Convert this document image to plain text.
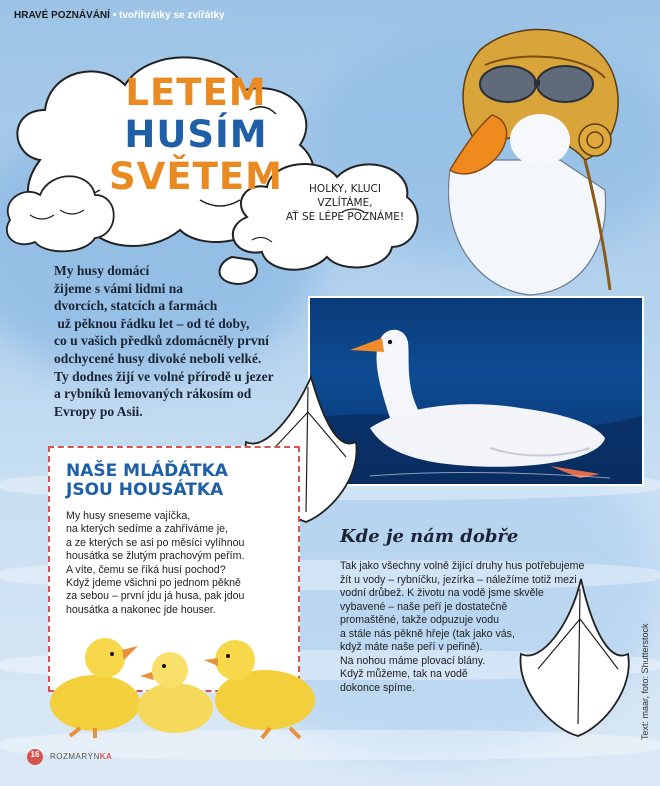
HRAVÉ POZNÁVÁNÍ • tvořihrátky se zvířátky
LETEM HUSÍM
SVĚTEM	HOLKY, KLUCI VZLÍTÁME,
AŤ SE LÉPE POZNÁME!
My husy domácí
žijeme s vámi lidmi na
dvorcích, statcích a farmách
už pěknou řádku let – od té doby,
co u vašich předků zdomácněly první
odchycené husy divoké neboli velké.
Ty dodnes žijí ve volné přírodě u jezer
a rybníků lemovaných rákosím od
Evropy po Asii.
NAŠE MLÁĎÁTKA
JSOU HOUSÁTKA
My husy sneseme vajíčka,
na kterých sedíme a zahříváme je,
a ze kterých se asi po měsíci vylíhnou
housátka se žlutým prachovým peřím.
A víte, čemu se říká husí pochod?
Když jdeme všichni po jednom pěkně
za sebou – první jdu já husa, pak jdou
housátka a nakonec jde houser.
Kde je nám dobře
Tak jako všechny volně žijící druhy hus potřebujeme
žít u vody – rybníčku, jezírka – náležíme totiž mezi
vodní drůbež. K životu na vodě jsme skvěle
vybavené – naše peří je dostatečně
promaštěné, takže odpuzuje vodu
a stále nás pěkně hřeje (tak jako vás,
když máte naše peří v peřině).
Na nohou máme plovací blány.
Když můžeme, tak na vodě
dokonce spíme.	Text: maar, foto: Shutterstock
16	ROZMARÝNKA
